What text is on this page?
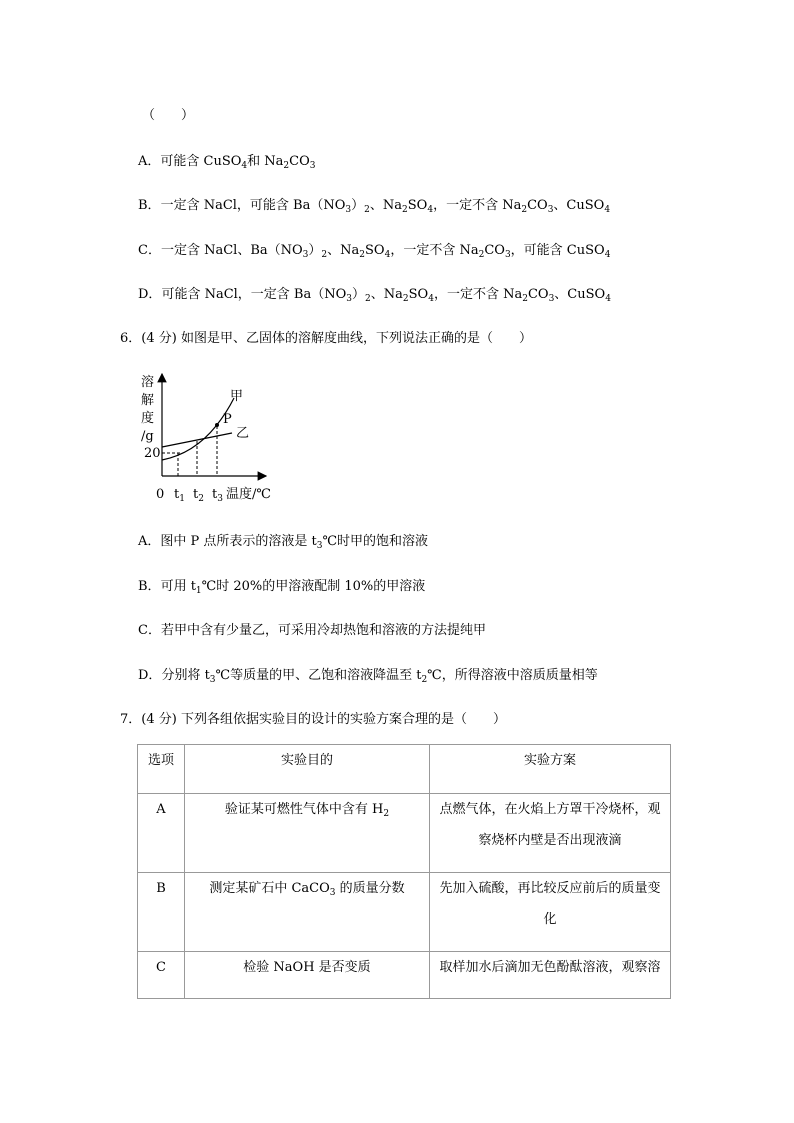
（　　）
A．可能含 CuSO$_4$和 $Na_2CO_3$
B．一定含 NaCl，可能含 $Ba(NO_3)_2$、$Na_2SO_4$，一定不含 $Na_2CO_3$、CuSO$_4$
C．一定含 NaCl、$Ba(NO_3)_2$、$Na_2SO_4$，一定不含 $Na_2CO_3$，可能含 CuSO$_4$
D．可能含 NaCl，一定含 $Ba(NO_3)_2$、$Na_2SO_4$，一定不含 $Na_2CO_3$、CuSO$_4$
6．(4 分) 如图是甲、乙固体的溶解度曲线，下列说法正确的是（　　）
溶
解
度
/g
20
P
甲
乙
0 $t_1$ $t_2$ $t_3$ 温度/℃
A．图中 P 点所表示的溶液是 $t_3℃$时甲的饱和溶液
B．可用 $t_1℃$时 20%的甲溶液配制 10%的甲溶液
C．若甲中含有少量乙，可采用冷却热饱和溶液的方法提纯甲
D．分别将 $t_3℃$等质量的甲、乙饱和溶液降温至 $t_2℃$，所得溶液中溶质质量相等
7．(4 分) 下列各组依据实验目的设计的实验方案合理的是（　　）
选项	实验目的	实验方案
A	验证某可燃性气体中含有 $H_2$	点燃气体，在火焰上方罩干冷烧杯，观
察烧杯内壁是否出现液滴

B	测定某矿石中 CaCO$_3$ 的质量分数	先加入硫酸，再比较反应前后的质量变
化

C	检验 NaOH 是否变质	取样加水后滴加无色酚酞溶液，观察溶
